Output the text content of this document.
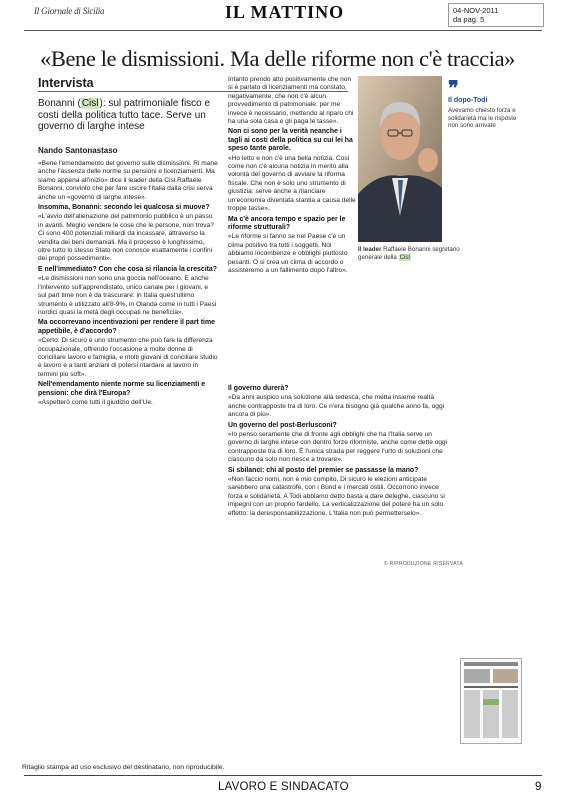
Il Giornale di Sicilia	IL MATTINO	04-NOV-2011
da pag. 5
«Bene le dismissioni. Ma delle riforme non c'è traccia»
Intervista
Bonanni (Cisl): sul patrimoniale fisco e costi della politica tutto tace. Serve un governo di larghe intese
Nando Santonastaso

«Bene l'emendamento del governo sulle dismissioni. Ri mane anche l'assenza delle norme su pensioni e licenziamenti. Ma siamo appena all'inizio» dice il leader della Cisl Raffaele Bonanni, convinto che per fare uscire l'Italia dalla crisi serva anche un «governo di larghe intese».

Insomma, Bonanni: secondo lei qualcosa si muove?

«L'avvio dell'alienazione del patrimonio pubblico è un passo in avanti. Meglio vendere le cose che le persone, non trova? Ci sono 400 potenziali miliardi da incassare, attraverso la vendita dei beni demaniali. Ma il processo è lunghissimo, oltre tutto lo stesso Stato non conosce esattamente i confini dei propri possedimenti».

E nell'immediato? Con che cosa si rilancia la crescita?

«Le dismissioni non sono una goccia nell'oceano. E anche l'intervento sull'apprendistato, unico canale per i giovani, e sul part time non è da trascurare: in Italia quest'ultimo strumento è utilizzato all'8-9%, in Olanda come in tutti i Paesi nordici quasi la metà degli occupati ne beneficia».

Ma occorrevano incentivazioni per rendere il part time appetibile, è d'accordo?

«Certo. Di sicuro è uno strumento che può fare la differenza occupazionale, offrendo l'occasione a molte donne di conciliare lavoro e famiglia, e molti giovani di conciliare studio e lavoro e a tanti anziani di potersi ritardare al lavoro in termini più soft».

Nell'emendamento niente norme su licenziamenti e pensioni: che dirà l'Europa?

«Aspetterò come tutti il giudizio dell'Ue.

Intanto prendo atto positivamente che non si è parlato di licenziamenti ma constato, negativamente, che non c'è alcun provvedimento di patrimoniale: per me invece è necessario, mettendo al riparo chi ha una sola casa e gli paga le tasse».

Non ci sono per la verità neanche i tagli ai costi della politica su cui lei ha speso tante parole.

«Ho letto e non c'è una bella notizia. Così come non c'è alcuna notizia in merito alla volontà del governo di avviare la riforma fiscale. Che non è solo uno strumento di giustizia: serve anche a rilanciare un'economia diventata stantia a causa delle troppe tasse».

Ma c'è ancora tempo e spazio per le riforme strutturali?

«Le riforme si fanno se nel Paese c'è un clima positivo tra tutti i soggetti. Noi abbiamo incombenze e obblighi piuttosto pesanti. O si crea un clima di accordo o assisteremo a un fallimento dopo l'altro».

Il governo durerà?

«Da anni auspico una soluzione alla tedesca, che metta insieme realtà anche contrapposte tra di loro. Ce n'era bisogno già qualche anno fa, oggi ancora di più».

Un governo del post-Berlusconi?

«Io penso seramente che di fronte agli obblighi che ha l'Italia serve un governo di larghe intese con dentro forze riformiste, anche come dette oggi contrapposte tra di loro. È l'unica strada per reggere l'urto di soluzioni che ciascuno da solo non riesce a trovare».

Si sbilanci: chi al posto del premier se passasse la mano?

«Non faccio nomi, non è mio compito. Di sicuro le elezioni anticipate sarebbero una catastrofe, con i Bund e i mercati ostili. Occorrono invece forza e solidarietà. A Todi abbiamo detto basta a dare deleghe, ciascuno si impegni con un proprio fardello. La verticalizzazione del potere ha un solo effetto: la deresponsabilizzazione. L'Italia non può permetterselo».

© RIPRODUZIONE RISERVATA
❞
Il dopo-Todi
Avevamo chiesto forza e solidarietà ma le risposte non sono arrivate
Il leader Raffaele Bonanni segretario generale della Cisl
Ritaglio stampa ad uso esclusivo del destinatario, non riproducibile.
LAVORO E SINDACATO	9
